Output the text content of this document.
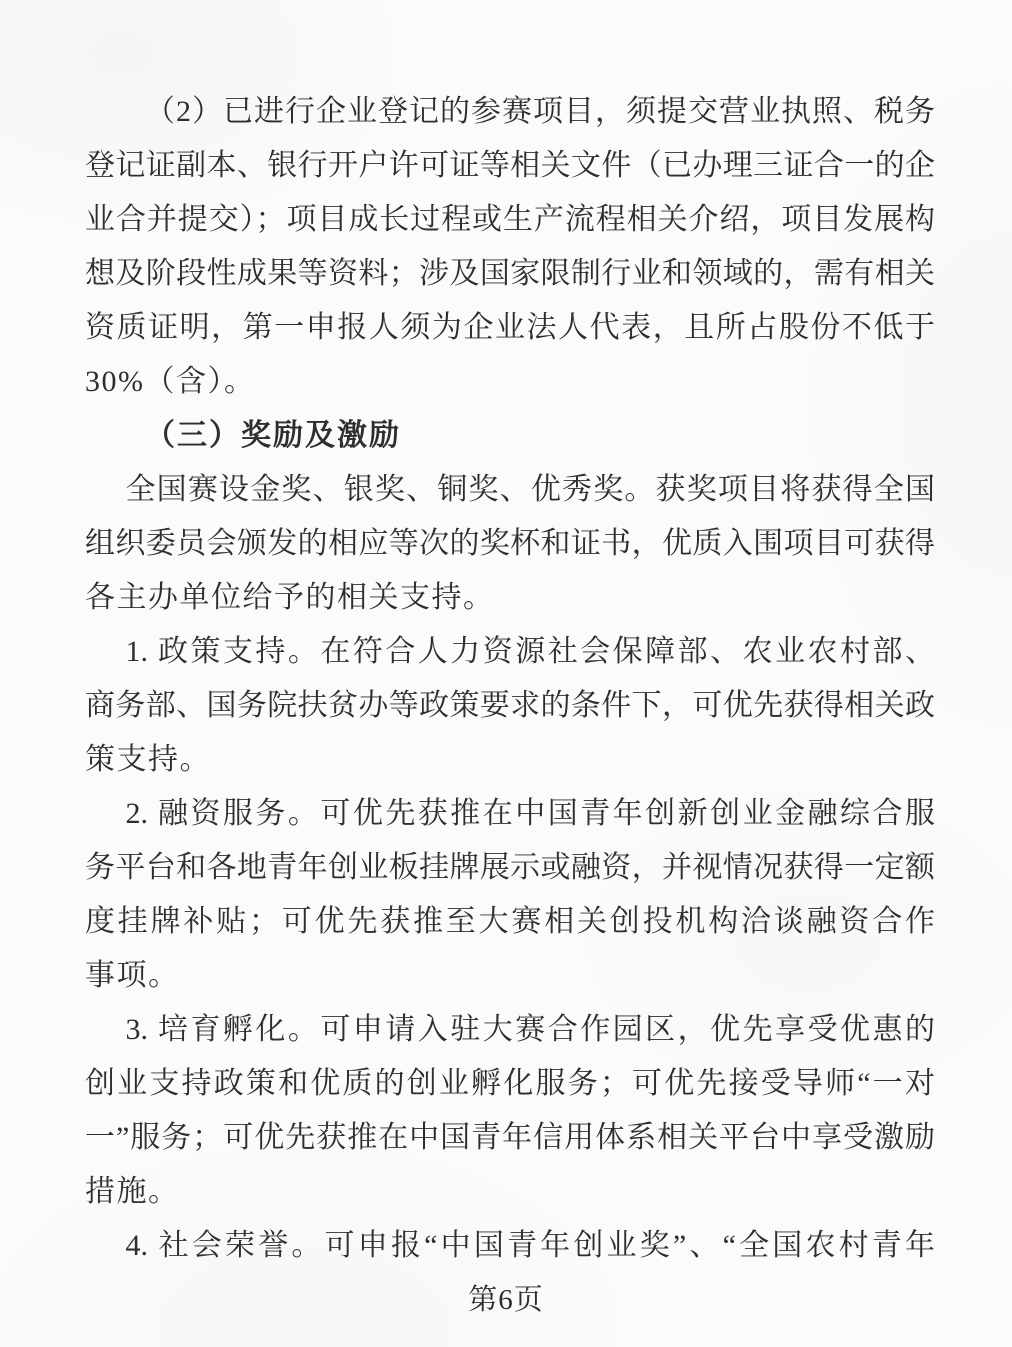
（2）已进行企业登记的参赛项目，须提交营业执照、税务
登记证副本、银行开户许可证等相关文件（已办理三证合一的企
业合并提交）；项目成长过程或生产流程相关介绍，项目发展构
想及阶段性成果等资料；涉及国家限制行业和领域的，需有相关
资质证明，第一申报人须为企业法人代表，且所占股份不低于
30%（含）。
（三）奖励及激励
全国赛设金奖、银奖、铜奖、优秀奖。获奖项目将获得全国
组织委员会颁发的相应等次的奖杯和证书，优质入围项目可获得
各主办单位给予的相关支持。
1. 政策支持。在符合人力资源社会保障部、农业农村部、
商务部、国务院扶贫办等政策要求的条件下，可优先获得相关政
策支持。
2. 融资服务。可优先获推在中国青年创新创业金融综合服
务平台和各地青年创业板挂牌展示或融资，并视情况获得一定额
度挂牌补贴；可优先获推至大赛相关创投机构洽谈融资合作
事项。
3. 培育孵化。可申请入驻大赛合作园区，优先享受优惠的
创业支持政策和优质的创业孵化服务；可优先接受导师“一对
一”服务；可优先获推在中国青年信用体系相关平台中享受激励
措施。
4. 社会荣誉。可申报“中国青年创业奖”、“全国农村青年
第6页
